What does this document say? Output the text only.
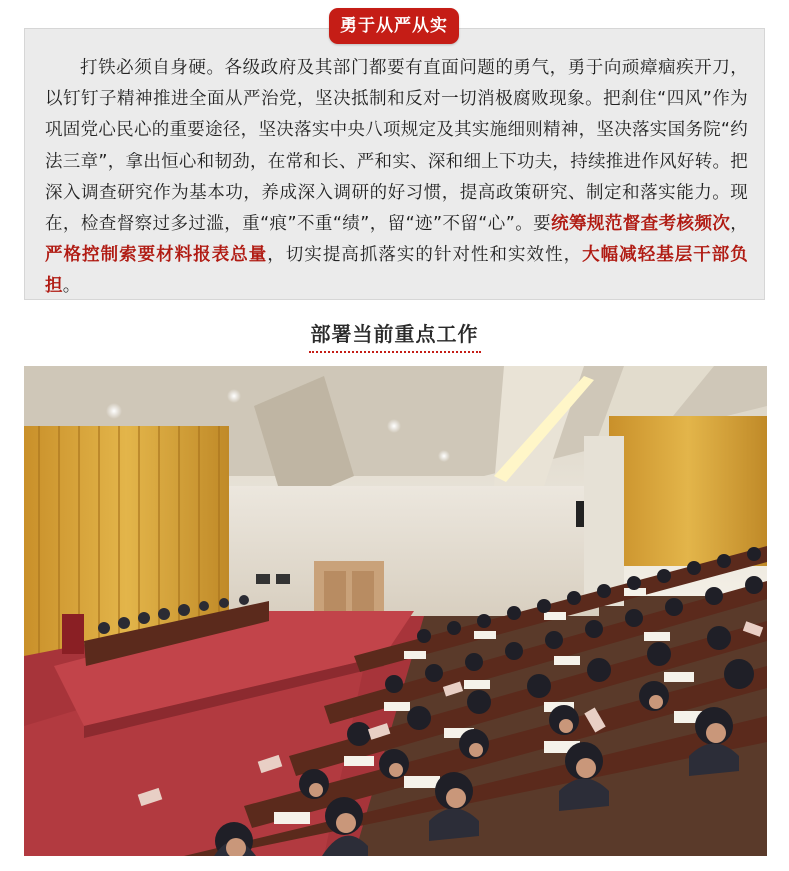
勇于从严从实

打铁必须自身硬。各级政府及其部门都要有直面问题的勇气，勇于向顽瘴痼疾开刀，以钉钉子精神推进全面从严治党，坚决抵制和反对一切消极腐败现象。把刹住“四风”作为巩固党心民心的重要途径，坚决落实中央八项规定及其实施细则精神，坚决落实国务院“约法三章”，拿出恒心和韧劲，在常和长、严和实、深和细上下功夫，持续推进作风好转。把深入调查研究作为基本功，养成深入调研的好习惯，提高政策研究、制定和落实能力。现在，检查督察过多过滥，重“痕”不重“绩”，留“迹”不留“心”。要统筹规范督查考核频次，严格控制索要材料报表总量，切实提高抓落实的针对性和实效性，大幅减轻基层干部负担。

部署当前重点工作
